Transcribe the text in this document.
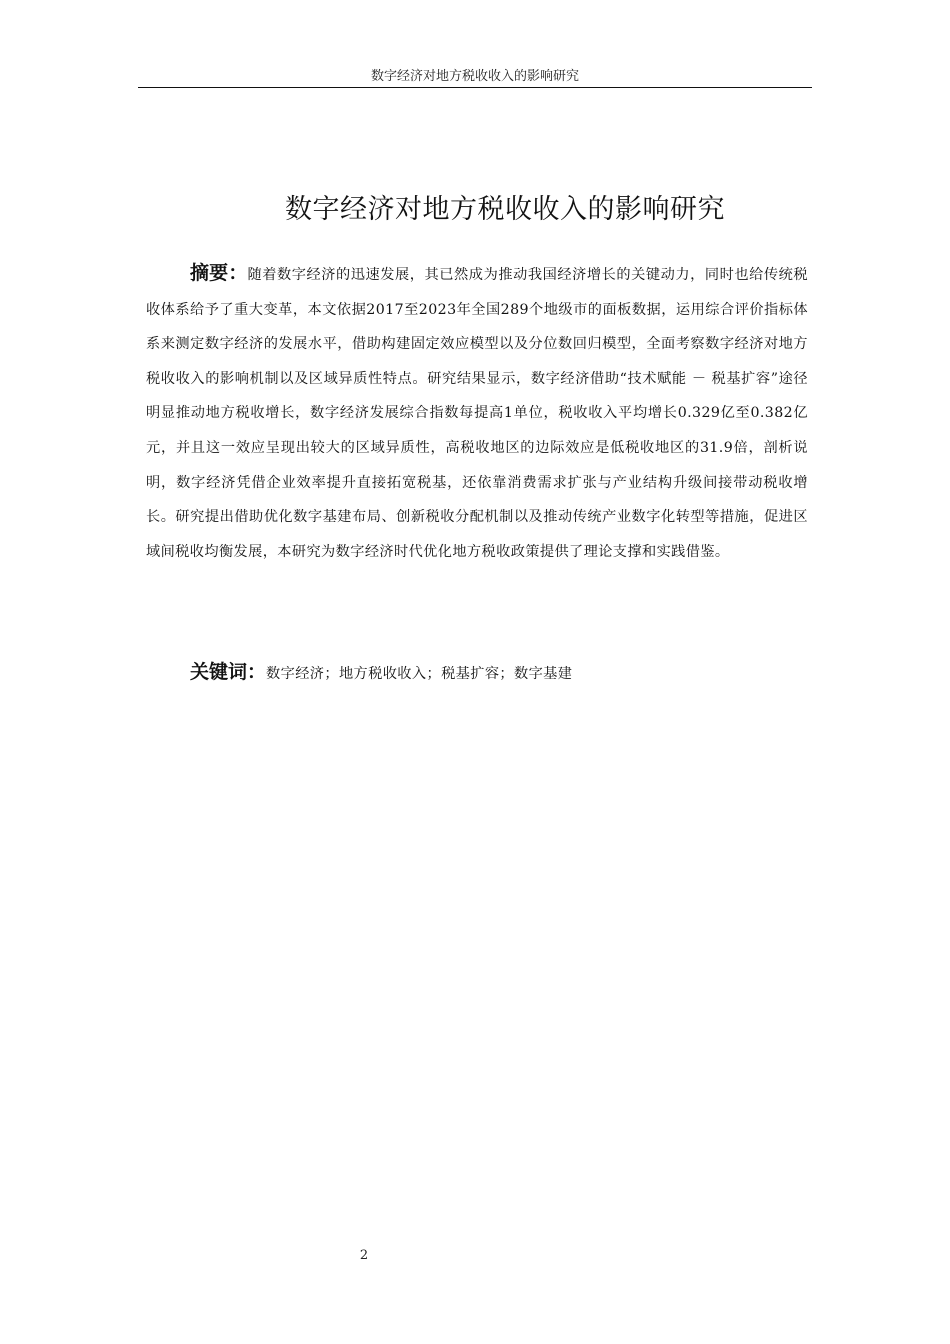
数字经济对地方税收收入的影响研究
数字经济对地方税收收入的影响研究

摘要：随着数字经济的迅速发展，其已然成为推动我国经济增长的关键动力，同时也给传统税收体系给予了重大变革，本文依据2017至2023年全国289个地级市的面板数据，运用综合评价指标体系来测定数字经济的发展水平，借助构建固定效应模型以及分位数回归模型，全面考察数字经济对地方税收收入的影响机制以及区域异质性特点。研究结果显示，数字经济借助“技术赋能 － 税基扩容”途径明显推动地方税收增长，数字经济发展综合指数每提高1单位，税收收入平均增长0.329亿至0.382亿元，并且这一效应呈现出较大的区域异质性，高税收地区的边际效应是低税收地区的31.9倍，剖析说明，数字经济凭借企业效率提升直接拓宽税基，还依靠消费需求扩张与产业结构升级间接带动税收增长。研究提出借助优化数字基建布局、创新税收分配机制以及推动传统产业数字化转型等措施，促进区域间税收均衡发展，本研究为数字经济时代优化地方税收政策提供了理论支撑和实践借鉴。

关键词：数字经济；地方税收收入；税基扩容；数字基建

2
